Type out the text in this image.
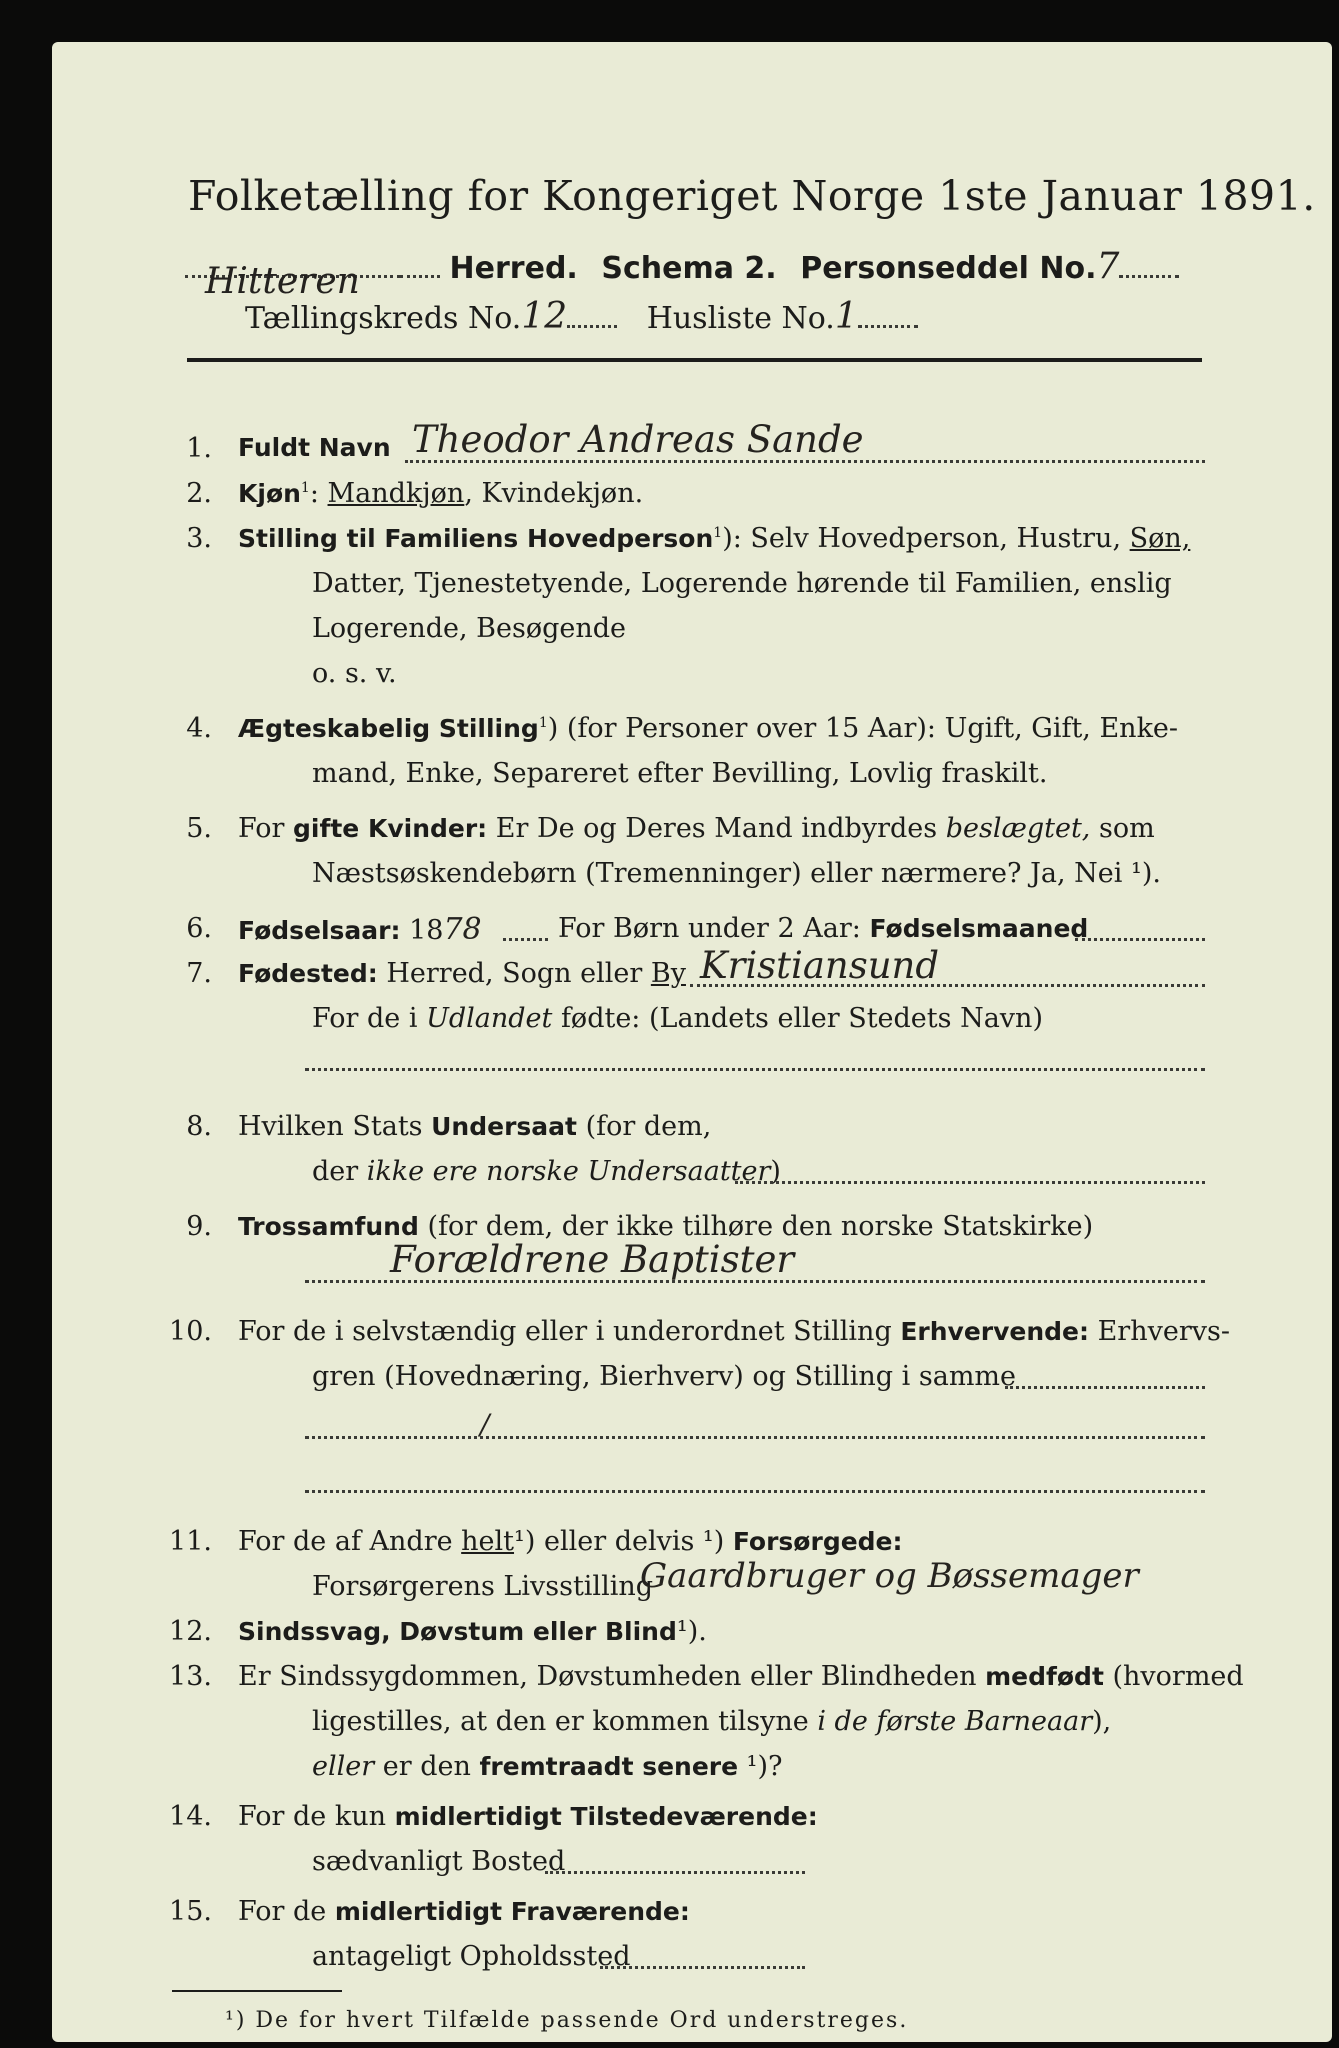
Folketælling for Kongeriget Norge 1ste Januar 1891.
Hitteren	Herred. Schema 2. Personseddel No.7
Tællingskreds No.12	Husliste No.1
1. Fuldt Navn Theodor Andreas Sande
2. Kjøn$^1$: Mandkjøn, Kvindekjøn.
3. Stilling til Familiens Hovedperson$^1$): Selv Hovedperson, Hustru, Søn,
Datter, Tjenestetyende, Logerende hørende til Familien, enslig
Logerende, Besøgende
o. s. v.
4. Ægteskabelig Stilling$^1$) (for Personer over 15 Aar): Ugift, Gift, Enke-
mand, Enke, Separeret efter Bevilling, Lovlig fraskilt.
5. For gifte Kvinder: Er De og Deres Mand indbyrdes beslægtet, som
Næstsøskendebørn (Tremenninger) eller nærmere? Ja, Nei ¹).
6. Fødselsaar: 1878	For Børn under 2 Aar: Fødselsmaaned
7. Fødested: Herred, Sogn eller By Kristiansund
For de i Udlandet fødte: (Landets eller Stedets Navn)
8. Hvilken Stats Undersaat (for dem,
der ikke ere norske Undersaatter)
9. Trossamfund (for dem, der ikke tilhøre den norske Statskirke)
Forældrene Baptister
10. For de i selvstændig eller i underordnet Stilling Erhvervende: Erhvervs-
gren (Hovednæring, Bierhverv) og Stilling i samme
/
11. For de af Andre helt¹) eller delvis ¹) Forsørgede:
Forsørgerens Livsstilling
Gaardbruger og Bøssemager
12. Sindssvag, Døvstum eller Blind¹).
13. Er Sindssygdommen, Døvstumheden eller Blindheden medfødt (hvormed
ligestilles, at den er kommen tilsyne i de første Barneaar),
eller er den fremtraadt senere ¹)?
14. For de kun midlertidigt Tilstedeværende:
sædvanligt Bosted
15. For de midlertidigt Fraværende:
antageligt Opholdssted
¹) De for hvert Tilfælde passende Ord understreges.
